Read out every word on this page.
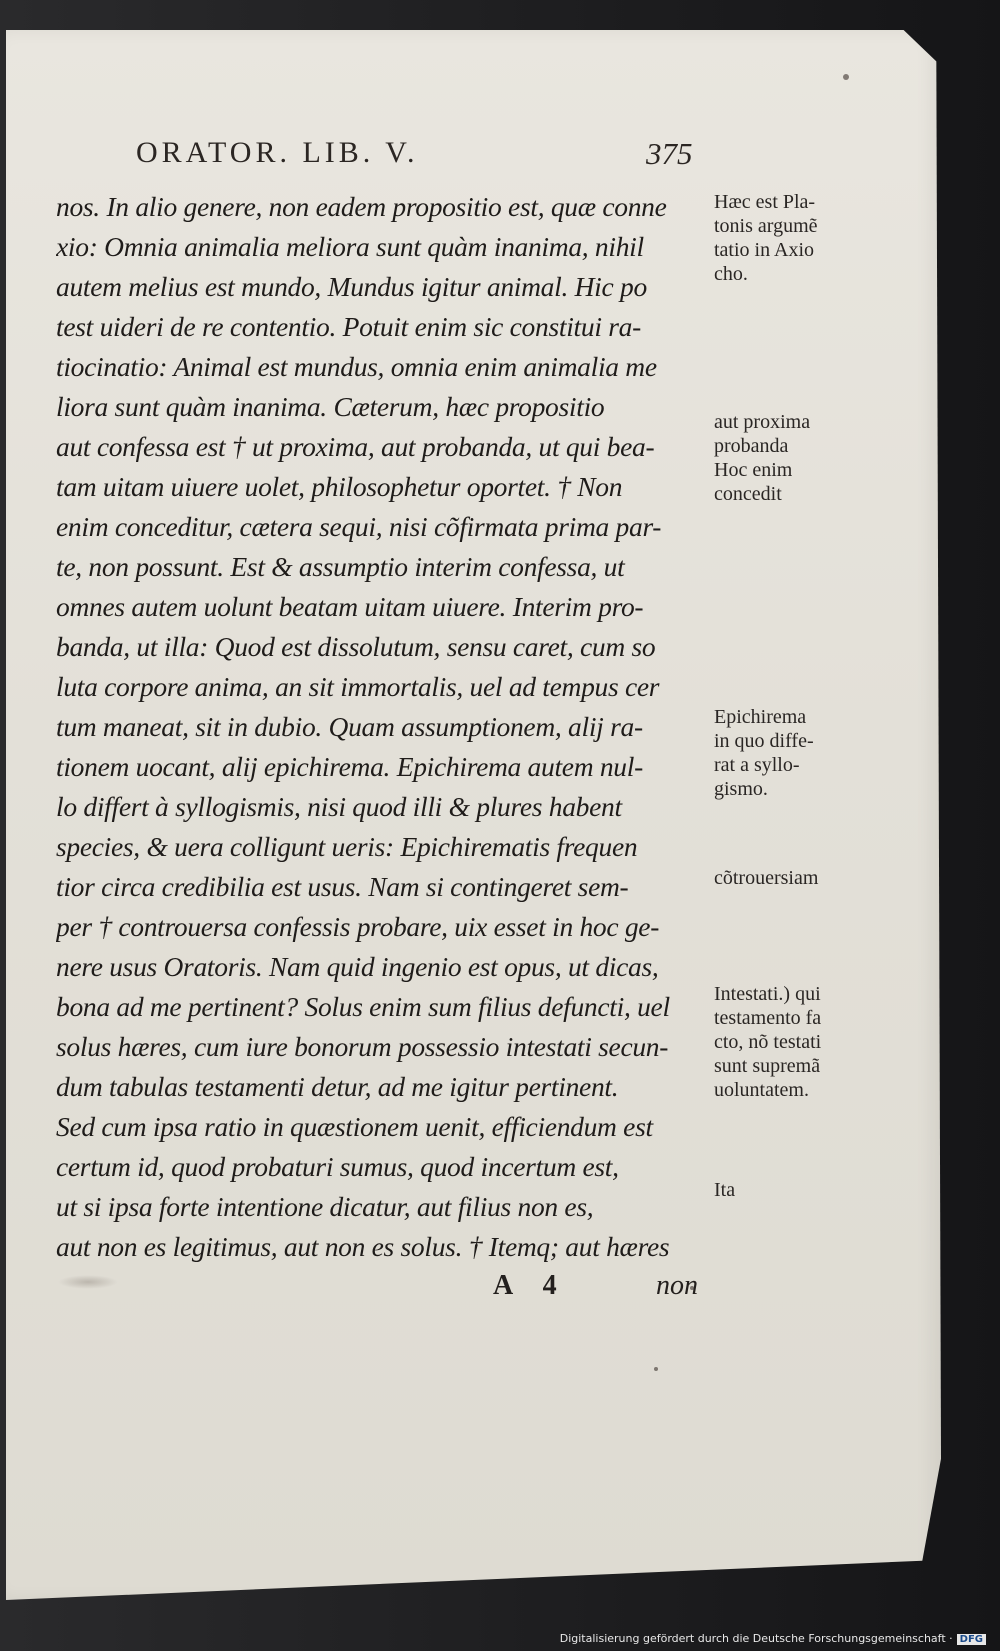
ORATOR. LIB. V.	375
nos. In alio genere, non eadem propositio est, quæ conne
xio: Omnia animalia meliora sunt quàm inanima, nihil
autem melius est mundo, Mundus igitur animal. Hic po
test uideri de re contentio. Potuit enim sic constitui ra-
tiocinatio: Animal est mundus, omnia enim animalia me
liora sunt quàm inanima. Cæterum, hæc propositio
aut confessa est † ut proxima, aut probanda, ut qui bea-
tam uitam uiuere uolet, philosophetur oportet. † Non
enim conceditur, cætera sequi, nisi cõfirmata prima par-
te, non possunt. Est & assumptio interim confessa, ut
omnes autem uolunt beatam uitam uiuere. Interim pro-
banda, ut illa: Quod est dissolutum, sensu caret, cum so
luta corpore anima, an sit immortalis, uel ad tempus cer
tum maneat, sit in dubio. Quam assumptionem, alij ra-
tionem uocant, alij epichirema. Epichirema autem nul-
lo differt à syllogismis, nisi quod illi & plures habent
species, & uera colligunt ueris: Epichirematis frequen
tior circa credibilia est usus. Nam si contingeret sem-
per † controuersa confessis probare, uix esset in hoc ge-
nere usus Oratoris. Nam quid ingenio est opus, ut dicas,
bona ad me pertinent? Solus enim sum filius defuncti, uel
solus hæres, cum iure bonorum possessio intestati secun-
dum tabulas testamenti detur, ad me igitur pertinent.
Sed cum ipsa ratio in quæstionem uenit, efficiendum est
certum id, quod probaturi sumus, quod incertum est,
ut si ipsa forte intentione dicatur, aut filius non es,
aut non es legitimus, aut non es solus. † Itemq; aut hæres
Hæc est Pla-
tonis argumẽ
tatio in Axio
cho.
aut proxima
probanda
Hoc enim
concedit
Epichirema
in quo diffe-
rat a syllo-
gismo.
cõtrouersiam
Intestati.) qui
testamento fa
cto, nõ testati
sunt supremã
uoluntatem.
Ita
A 4	non
Digitalisierung gefördert durch die Deutsche Forschungsgemeinschaft · DFG
